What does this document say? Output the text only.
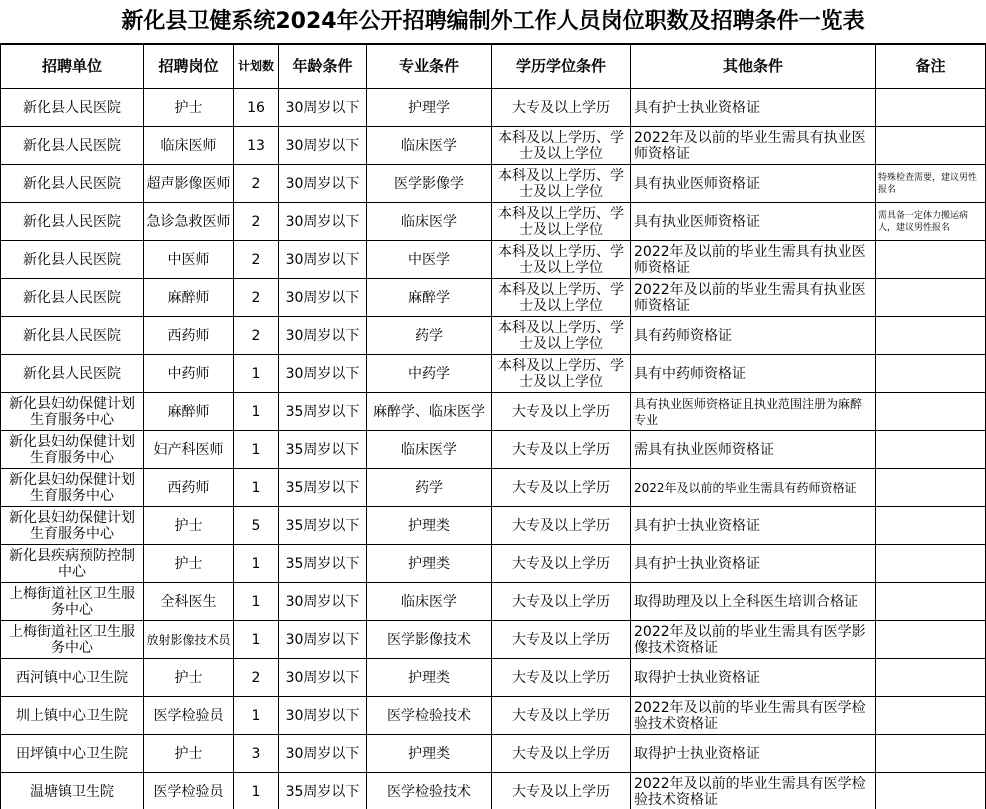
新化县卫健系统2024年公开招聘编制外工作人员岗位职数及招聘条件一览表
招聘单位	招聘岗位	计划数	年龄条件	专业条件	学历学位条件	其他条件	备注
新化县人民医院	护士	16	30周岁以下	护理学	大专及以上学历	具有护士执业资格证	
新化县人民医院	临床医师	13	30周岁以下	临床医学	本科及以上学历、学士及以上学位	2022年及以前的毕业生需具有执业医师资格证	
新化县人民医院	超声影像医师	2	30周岁以下	医学影像学	本科及以上学历、学士及以上学位	具有执业医师资格证	特殊检查需要，建议男性报名
新化县人民医院	急诊急救医师	2	30周岁以下	临床医学	本科及以上学历、学士及以上学位	具有执业医师资格证	需具备一定体力搬运病人，建议男性报名
新化县人民医院	中医师	2	30周岁以下	中医学	本科及以上学历、学士及以上学位	2022年及以前的毕业生需具有执业医师资格证	
新化县人民医院	麻醉师	2	30周岁以下	麻醉学	本科及以上学历、学士及以上学位	2022年及以前的毕业生需具有执业医师资格证	
新化县人民医院	西药师	2	30周岁以下	药学	本科及以上学历、学士及以上学位	具有药师资格证	
新化县人民医院	中药师	1	30周岁以下	中药学	本科及以上学历、学士及以上学位	具有中药师资格证	
新化县妇幼保健计划生育服务中心	麻醉师	1	35周岁以下	麻醉学、临床医学	大专及以上学历	具有执业医师资格证且执业范围注册为麻醉专业	
新化县妇幼保健计划生育服务中心	妇产科医师	1	35周岁以下	临床医学	大专及以上学历	需具有执业医师资格证	
新化县妇幼保健计划生育服务中心	西药师	1	35周岁以下	药学	大专及以上学历	2022年及以前的毕业生需具有药师资格证	
新化县妇幼保健计划生育服务中心	护士	5	35周岁以下	护理类	大专及以上学历	具有护士执业资格证	
新化县疾病预防控制中心	护士	1	35周岁以下	护理类	大专及以上学历	具有护士执业资格证	
上梅街道社区卫生服务中心	全科医生	1	30周岁以下	临床医学	大专及以上学历	取得助理及以上全科医生培训合格证	
上梅街道社区卫生服务中心	放射影像技术员	1	30周岁以下	医学影像技术	大专及以上学历	2022年及以前的毕业生需具有医学影像技术资格证	
西河镇中心卫生院	护士	2	30周岁以下	护理类	大专及以上学历	取得护士执业资格证	
圳上镇中心卫生院	医学检验员	1	30周岁以下	医学检验技术	大专及以上学历	2022年及以前的毕业生需具有医学检验技术资格证	
田坪镇中心卫生院	护士	3	30周岁以下	护理类	大专及以上学历	取得护士执业资格证	
温塘镇卫生院	医学检验员	1	35周岁以下	医学检验技术	大专及以上学历	2022年及以前的毕业生需具有医学检验技术资格证	
